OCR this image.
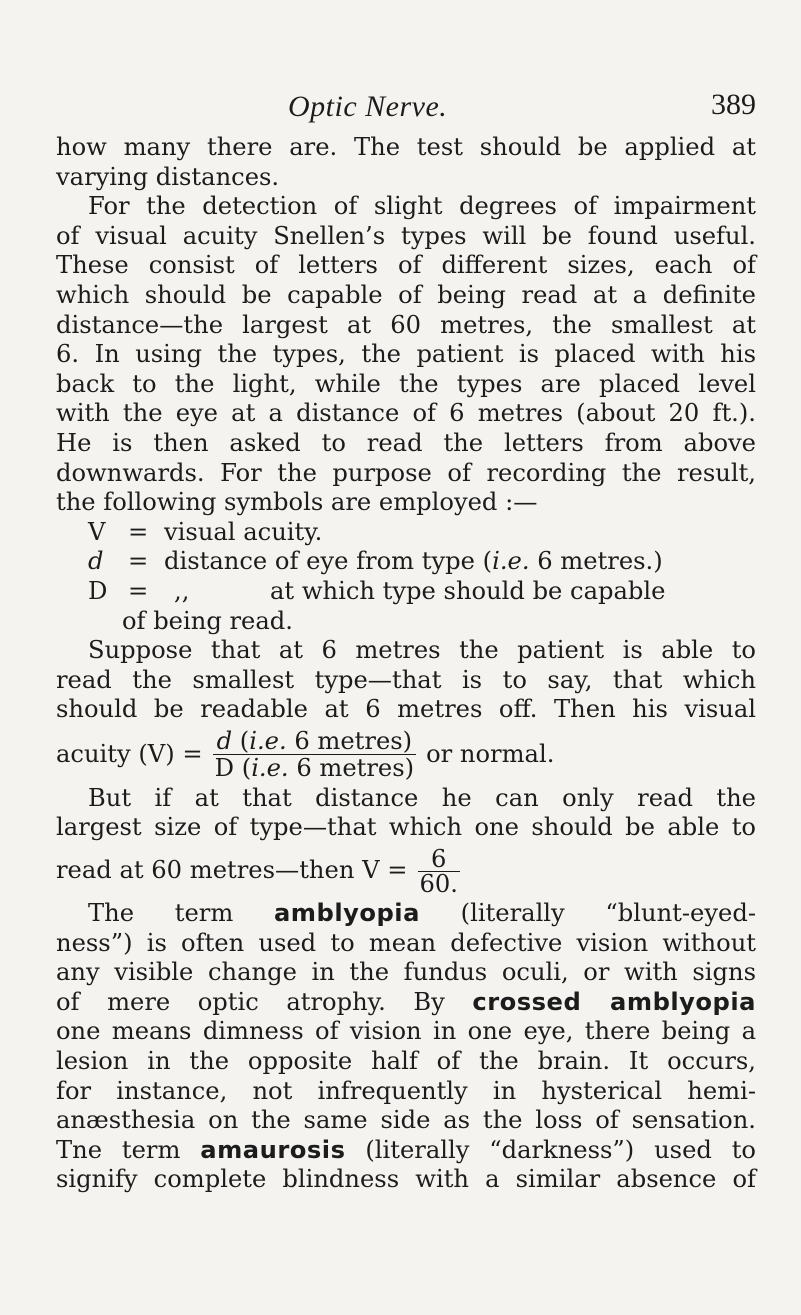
Optic Nerve.	389
how many there are. The test should be applied at
varying distances.
For the detection of slight degrees of impairment
of visual acuity Snellen’s types will be found useful.
These consist of letters of different sizes, each of
which should be capable of being read at a definite
distance—the largest at 60 metres, the smallest at
6. In using the types, the patient is placed with his
back to the light, while the types are placed level
with the eye at a distance of 6 metres (about 20 ft.).
He is then asked to read the letters from above
downwards. For the purpose of recording the result,
the following symbols are employed :—
V = visual acuity.
d	= distance of eye from type (i.e. 6 metres.)
D =	,,	at which type should be capable
of being read.
Suppose that at 6 metres the patient is able to
read the smallest type—that is to say, that which
should be readable at 6 metres off. Then his visual
acuity $(V) = \frac{\text{d (i.e. 6 metres)}}{\text{D (i.e. 6 metres)}}$ or normal.
But if at that distance he can only read the
largest size of type—that which one should be able to
read at 60 metres—then $V = \frac{6}{60.}$
The term amblyopia (literally “blunt-eyed-
ness”) is often used to mean defective vision without
any visible change in the fundus oculi, or with signs
of mere optic atrophy. By crossed amblyopia
one means dimness of vision in one eye, there being a
lesion in the opposite half of the brain. It occurs,
for instance, not infrequently in hysterical hemi-
anæsthesia on the same side as the loss of sensation.
Tne term amaurosis (literally “darkness”) used to
signify complete blindness with a similar absence of
